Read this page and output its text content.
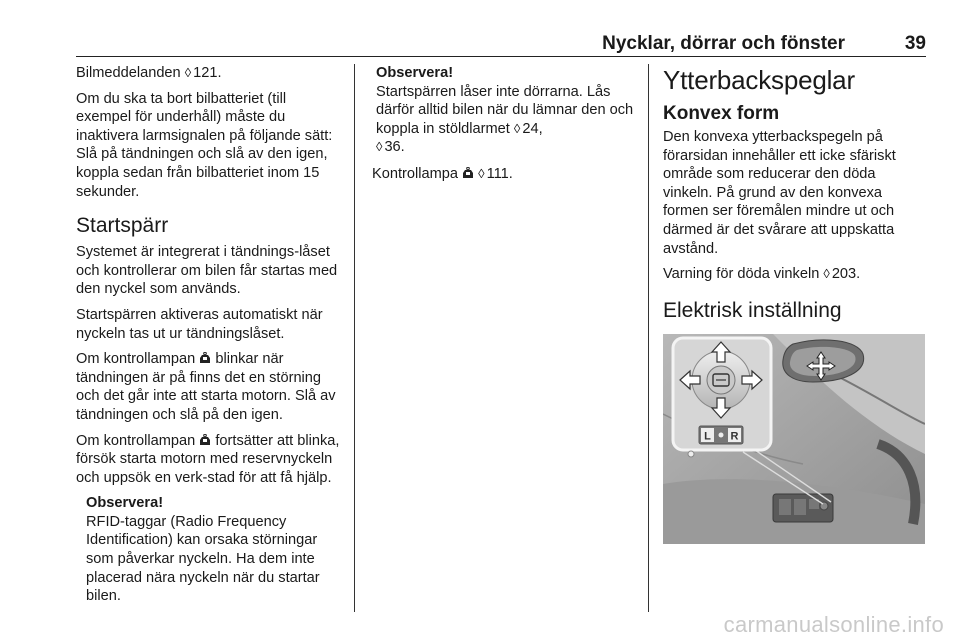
Nycklar, dörrar och fönster	39

Bilmeddelanden ◊ 121.

Om du ska ta bort bilbatteriet (till exempel för underhåll) måste du inaktivera larmsignalen på följande sätt: Slå på tändningen och slå av den igen, koppla sedan från bilbatteriet inom 15 sekunder.

Startspärr

Systemet är integrerat i tändnings-låset och kontrollerar om bilen får startas med den nyckel som används.

Startspärren aktiveras automatiskt när nyckeln tas ut ur tändningslåset.

Om kontrollampan blinkar när tändningen är på finns det en störning och det går inte att starta motorn. Slå av tändningen och slå på den igen.

Om kontrollampan fortsätter att blinka, försök starta motorn med reservnyckeln och uppsök en verk-stad för att få hjälp.

Observera!

RFID-taggar (Radio Frequency Identification) kan orsaka störningar som påverkar nyckeln. Ha dem inte placerad nära nyckeln när du startar bilen.

Observera!

Startspärren låser inte dörrarna. Lås därför alltid bilen när du lämnar den och koppla in stöldlarmet ◊ 24,
◊ 36.

Kontrollampa ◊ 111.

Ytterbackspeglar
Konvex form

Den konvexa ytterbackspegeln på förarsidan innehåller ett icke sfäriskt område som reducerar den döda vinkeln. På grund av den konvexa formen ser föremålen mindre ut och därmed är det svårare att uppskatta avstånd.

Varning för döda vinkeln ◊ 203.

Elektrisk inställning
L R
carmanualsonline.info
